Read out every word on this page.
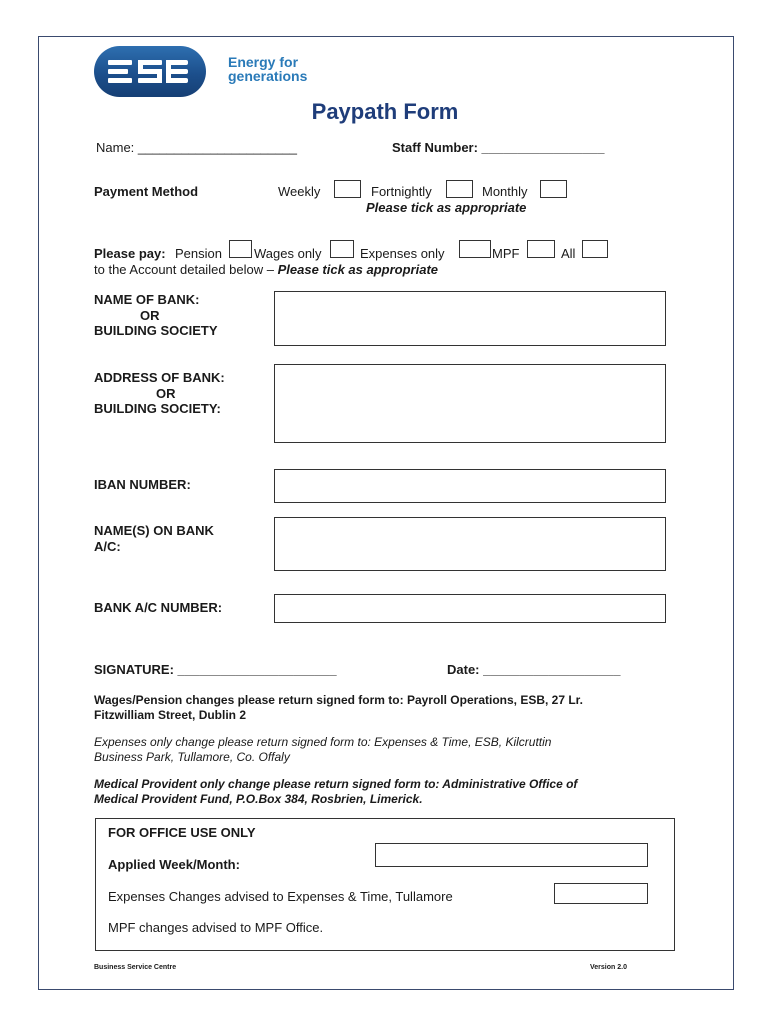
Energy for
generations
Paypath Form
Name: ______________________	Staff Number: _________________
Payment Method	Weekly	Fortnightly	Monthly
Please tick as appropriate
Please pay: Pension Wages only	Expenses only	MPF	All
to the Account detailed below – Please tick as appropriate
NAME OF BANK:
OR
BUILDING SOCIETY
ADDRESS OF BANK:
OR
BUILDING SOCIETY:
IBAN NUMBER:
NAME(S) ON BANK
A/C:
BANK A/C NUMBER:
SIGNATURE: ______________________	Date: ___________________
Wages/Pension changes please return signed form to: Payroll Operations, ESB, 27 Lr.
Fitzwilliam Street, Dublin 2
Expenses only change please return signed form to: Expenses & Time, ESB, Kilcruttin
Business Park, Tullamore, Co. Offaly
Medical Provident only change please return signed form to: Administrative Office of
Medical Provident Fund, P.O.Box 384, Rosbrien, Limerick.
FOR OFFICE USE ONLY
Applied Week/Month:
Expenses Changes advised to Expenses & Time, Tullamore
MPF changes advised to MPF Office.
Business Service Centre	Version 2.0
